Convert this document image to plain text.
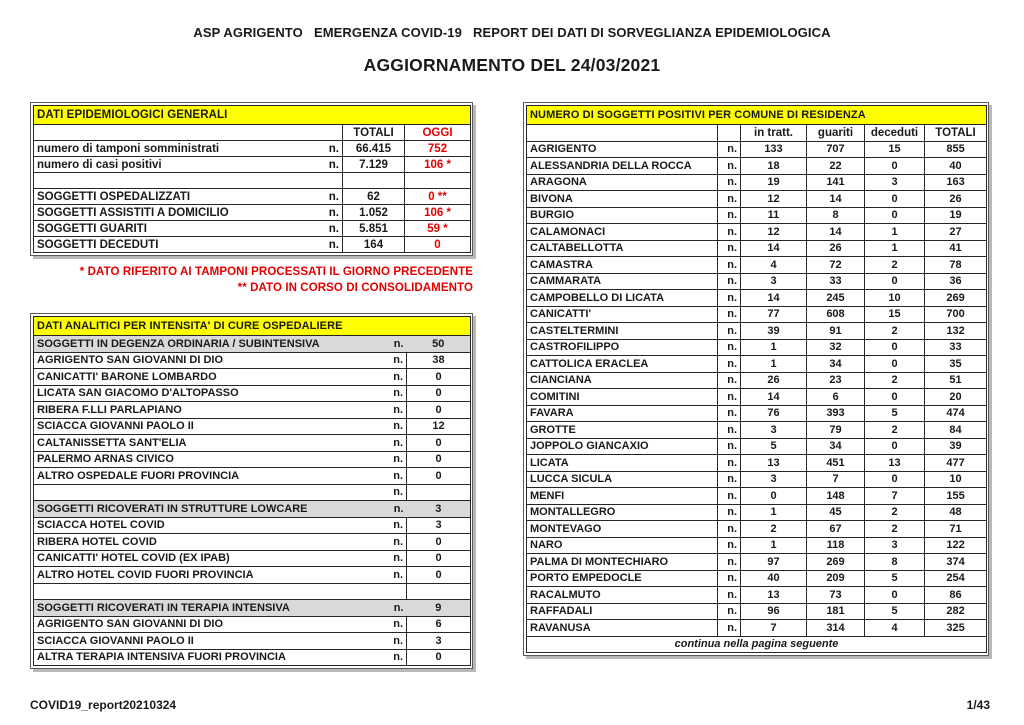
ASP AGRIGENTO   EMERGENZA COVID-19   REPORT DEI DATI DI SORVEGLIANZA EPIDEMIOLOGICA
AGGIORNAMENTO DEL 24/03/2021
DATI EPIDEMIOLOGICI GENERALI			
		TOTALI	OGGI
numero di tamponi somministrati	n.	66.415	752
numero di casi positivi	n.	7.129	106 *

SOGGETTI OSPEDALIZZATI	n.	62	0 **
SOGGETTI ASSISTITI A DOMICILIO	n.	1.052	106 *
SOGGETTI GUARITI	n.	5.851	59 *
SOGGETTI DECEDUTI	n.	164	0
* DATO RIFERITO AI TAMPONI PROCESSATI IL GIORNO PRECEDENTE
** DATO IN CORSO DI CONSOLIDAMENTO
DATI ANALITICI PER INTENSITA' DI CURE OSPEDALIERE		
SOGGETTI IN DEGENZA ORDINARIA / SUBINTENSIVA	n.	50
AGRIGENTO SAN GIOVANNI DI DIO	n.	38
CANICATTI' BARONE LOMBARDO	n.	0
LICATA SAN GIACOMO D'ALTOPASSO	n.	0
RIBERA F.LLI PARLAPIANO	n.	0
SCIACCA GIOVANNI PAOLO II	n.	12
CALTANISSETTA SANT'ELIA	n.	0
PALERMO ARNAS CIVICO	n.	0
ALTRO OSPEDALE FUORI PROVINCIA	n.	0
	n.	
SOGGETTI RICOVERATI IN STRUTTURE LOWCARE	n.	3
SCIACCA HOTEL COVID	n.	3
RIBERA HOTEL COVID	n.	0
CANICATTI' HOTEL COVID (EX IPAB)	n.	0
ALTRO HOTEL COVID FUORI PROVINCIA	n.	0

SOGGETTI RICOVERATI IN TERAPIA INTENSIVA	n.	9
AGRIGENTO SAN GIOVANNI DI DIO	n.	6
SCIACCA GIOVANNI PAOLO II	n.	3
ALTRA TERAPIA INTENSIVA FUORI PROVINCIA	n.	0
NUMERO DI SOGGETTI POSITIVI PER COMUNE DI RESIDENZA					
		in tratt.	guariti	deceduti	TOTALI
AGRIGENTO	n.	133	707	15	855
ALESSANDRIA DELLA ROCCA	n.	18	22	0	40
ARAGONA	n.	19	141	3	163
BIVONA	n.	12	14	0	26
BURGIO	n.	11	8	0	19
CALAMONACI	n.	12	14	1	27
CALTABELLOTTA	n.	14	26	1	41
CAMASTRA	n.	4	72	2	78
CAMMARATA	n.	3	33	0	36
CAMPOBELLO DI LICATA	n.	14	245	10	269
CANICATTI'	n.	77	608	15	700
CASTELTERMINI	n.	39	91	2	132
CASTROFILIPPO	n.	1	32	0	33
CATTOLICA ERACLEA	n.	1	34	0	35
CIANCIANA	n.	26	23	2	51
COMITINI	n.	14	6	0	20
FAVARA	n.	76	393	5	474
GROTTE	n.	3	79	2	84
JOPPOLO GIANCAXIO	n.	5	34	0	39
LICATA	n.	13	451	13	477
LUCCA SICULA	n.	3	7	0	10
MENFI	n.	0	148	7	155
MONTALLEGRO	n.	1	45	2	48
MONTEVAGO	n.	2	67	2	71
NARO	n.	1	118	3	122
PALMA DI MONTECHIARO	n.	97	269	8	374
PORTO EMPEDOCLE	n.	40	209	5	254
RACALMUTO	n.	13	73	0	86
RAFFADALI	n.	96	181	5	282
RAVANUSA	n.	7	314	4	325
continua nella pagina seguente					
COVID19_report20210324	1/43
